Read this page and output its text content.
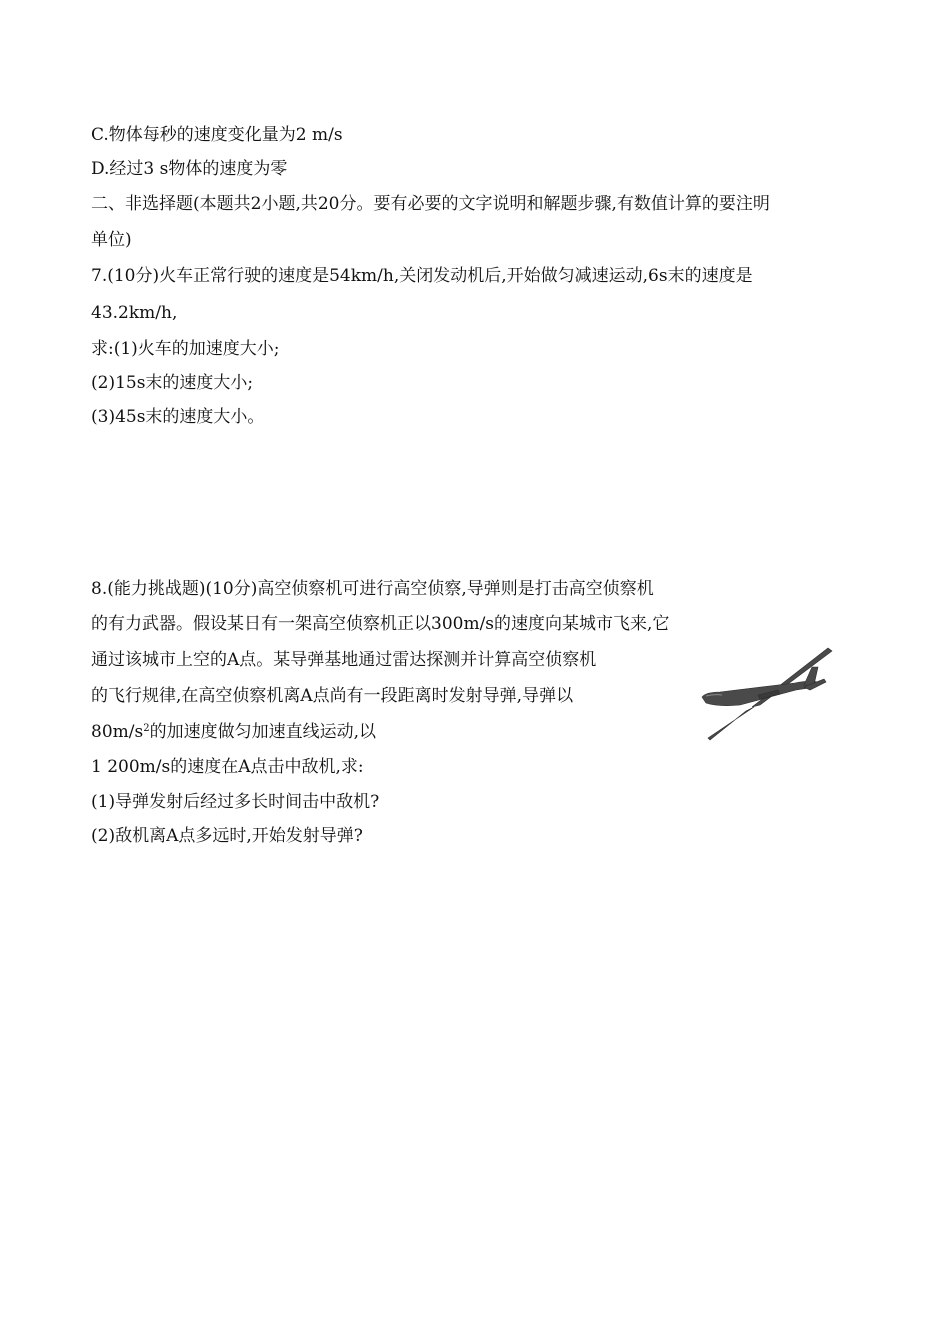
C.物体每秒的速度变化量为2 m/s
D.经过3 s物体的速度为零
二、非选择题(本题共2小题,共20分。要有必要的文字说明和解题步骤,有数值计算的要注明
单位)
7.(10分)火车正常行驶的速度是54km/h,关闭发动机后,开始做匀减速运动,6s末的速度是
43.2km/h,
求:(1)火车的加速度大小;
(2)15s末的速度大小;
(3)45s末的速度大小。
8.(能力挑战题)(10分)高空侦察机可进行高空侦察,导弹则是打击高空侦察机
的有力武器。假设某日有一架高空侦察机正以300m/s的速度向某城市飞来,它
通过该城市上空的A点。某导弹基地通过雷达探测并计算高空侦察机
的飞行规律,在高空侦察机离A点尚有一段距离时发射导弹,导弹以
$80m/s^2$的加速度做匀加速直线运动,以
1 200m/s的速度在A点击中敌机,求:
(1)导弹发射后经过多长时间击中敌机?
(2)敌机离A点多远时,开始发射导弹?
